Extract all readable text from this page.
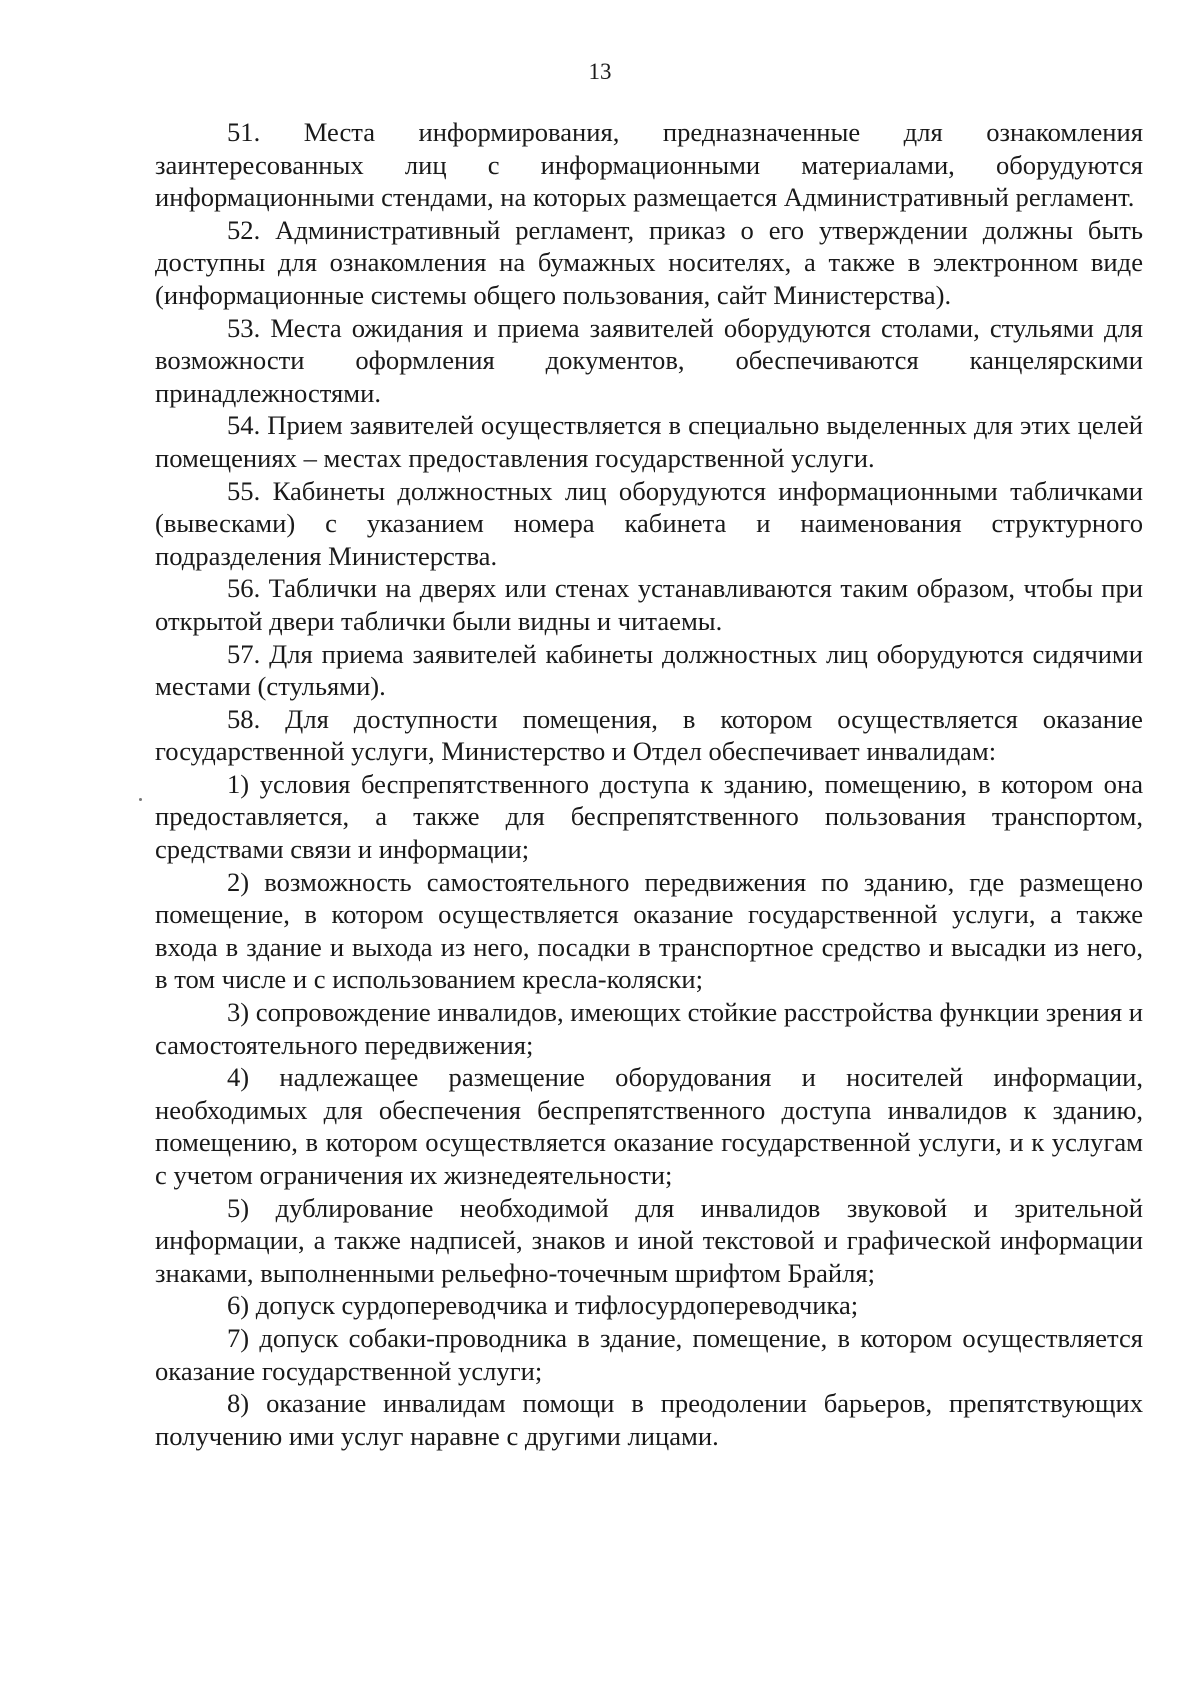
13

51. Места информирования, предназначенные для ознакомления заинтересованных лиц с информационными материалами, оборудуются информационными стендами, на которых размещается Административный регламент.

52. Административный регламент, приказ о его утверждении должны быть доступны для ознакомления на бумажных носителях, а также в электронном виде (информационные системы общего пользования, сайт Министерства).

53. Места ожидания и приема заявителей оборудуются столами, стульями для возможности оформления документов, обеспечиваются канцелярскими принадлежностями.

54. Прием заявителей осуществляется в специально выделенных для этих целей помещениях – местах предоставления государственной услуги.

55. Кабинеты должностных лиц оборудуются информационными табличками (вывесками) с указанием номера кабинета и наименования структурного подразделения Министерства.

56. Таблички на дверях или стенах устанавливаются таким образом, чтобы при открытой двери таблички были видны и читаемы.

57. Для приема заявителей кабинеты должностных лиц оборудуются сидячими местами (стульями).

58. Для доступности помещения, в котором осуществляется оказание государственной услуги, Министерство и Отдел обеспечивает инвалидам:

1) условия беспрепятственного доступа к зданию, помещению, в котором она предоставляется, а также для беспрепятственного пользования транспортом, средствами связи и информации;

2) возможность самостоятельного передвижения по зданию, где размещено помещение, в котором осуществляется оказание государственной услуги, а также входа в здание и выхода из него, посадки в транспортное средство и высадки из него, в том числе и с использованием кресла-коляски;

3) сопровождение инвалидов, имеющих стойкие расстройства функции зрения и самостоятельного передвижения;

4) надлежащее размещение оборудования и носителей информации, необходимых для обеспечения беспрепятственного доступа инвалидов к зданию, помещению, в котором осуществляется оказание государственной услуги, и к услугам с учетом ограничения их жизнедеятельности;

5) дублирование необходимой для инвалидов звуковой и зрительной информации, а также надписей, знаков и иной текстовой и графической информации знаками, выполненными рельефно-точечным шрифтом Брайля;

6) допуск сурдопереводчика и тифлосурдопереводчика;

7) допуск собаки-проводника в здание, помещение, в котором осуществляется оказание государственной услуги;

8) оказание инвалидам помощи в преодолении барьеров, препятствующих получению ими услуг наравне с другими лицами.
